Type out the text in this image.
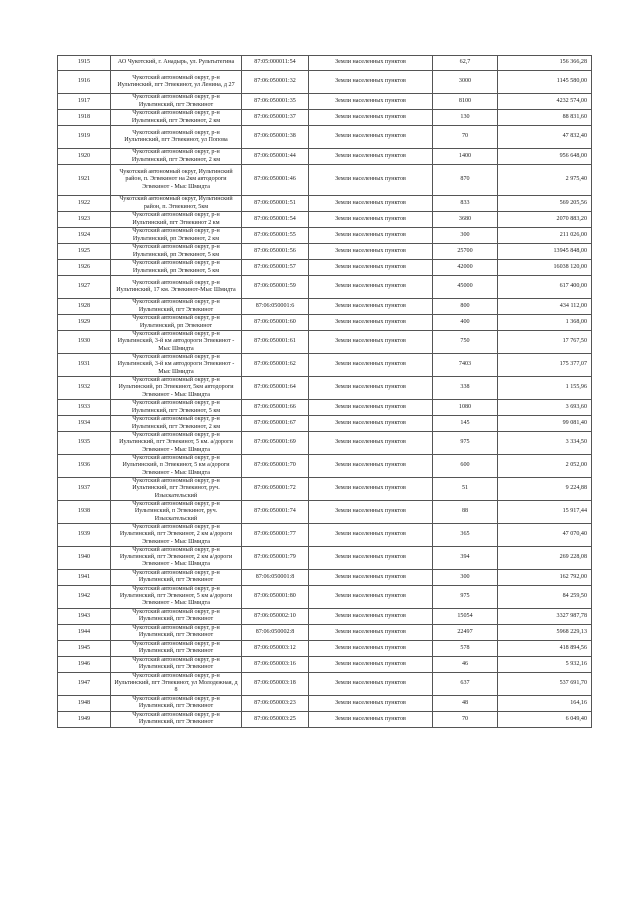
1915	АО Чукотский, г. Анадырь, ул. Рультытегина	87:05:000011:54	Земли населенных пунктов	62,7	156 366,28
1916	Чукотский автономный округ, р-н Иультинский, пгт Эгвекинот, ул Ленина, д 27	87:06:050001:32	Земли населенных пунктов	3000	1145 580,00
1917	Чукотский автономный округ, р-н Иультинский, пгт Эгвекинот	87:06:050001:35	Земли населенных пунктов	8100	4232 574,00
1918	Чукотский автономный округ, р-н Иультинский, пгт Эгвекинот, 2 км	87:06:050001:37	Земли населенных пунктов	130	88 831,60
1919	Чукотский автономный округ, р-н Иультинский, пгт Эгвекинот, ул Попова	87:06:050001:38	Земли населенных пунктов	70	47 832,40
1920	Чукотский автономный округ, р-н Иультинский, пгт Эгвекинот, 2 км	87:06:050001:44	Земли населенных пунктов	1400	956 648,00
1921	Чукотский автономный округ, Иультинский район, п. Эгвекинот на 2км автодороги Эгвекинот - Мыс Шмидта	87:06:050001:46	Земли населенных пунктов	870	2 975,40
1922	Чукотский автономный округ, Иультинский район, п. Эгвекинот, 5км	87:06:050001:51	Земли населенных пунктов	833	569 205,56
1923	Чукотский автономный округ, р-н Иультинский, пгт Эгвекинот 2 км	87:06:050001:54	Земли населенных пунктов	3680	2070 883,20
1924	Чукотский автономный округ, р-н Иультинский, рп Эгвекинот, 2 км	87:06:050001:55	Земли населенных пунктов	300	211 026,00
1925	Чукотский автономный округ, р-н Иультинский, рп Эгвекинот, 5 км	87:06:050001:56	Земли населенных пунктов	25700	13945 848,00
1926	Чукотский автономный округ, р-н Иультинский, рп Эгвекинот, 5 км	87:06:050001:57	Земли населенных пунктов	42000	16038 120,00
1927	Чукотский автономный округ, р-н Иультинский, 17 км. Эгвекинот-Мыс Шмидта	87:06:050001:59	Земли населенных пунктов	45000	617 400,00
1928	Чукотский автономный округ, р-н Иультинский, пгт Эгвекинот	87:06:050001:6	Земли населенных пунктов	800	434 112,00
1929	Чукотский автономный округ, р-н Иультинский, рп Эгвекинот	87:06:050001:60	Земли населенных пунктов	400	1 368,00
1930	Чукотский автономный округ, р-н Иультинский, 3-й км автодороги Эгвекинот - Мыс Шмидта	87:06:050001:61	Земли населенных пунктов	750	17 767,50
1931	Чукотский автономный округ, р-н Иультинский, 3-й км автодороги Эгвекинот - Мыс Шмидта	87:06:050001:62	Земли населенных пунктов	7403	175 377,07
1932	Чукотский автономный округ, р-н Иультинский, рп Эгвекинот, 5км автодороги Эгвекинот - Мыс Шмидта	87:06:050001:64	Земли населенных пунктов	338	1 155,96
1933	Чукотский автономный округ, р-н Иультинский, пгт Эгвекинот, 5 км	87:06:050001:66	Земли населенных пунктов	1080	3 693,60
1934	Чукотский автономный округ, р-н Иультинский, пгт Эгвекинот, 2 км	87:06:050001:67	Земли населенных пунктов	145	99 081,40
1935	Чукотский автономный округ, р-н Иультинский, пгт Эгвекинот, 5 км. а/дороги Эгвекинот - Мыс Шмидта	87:06:050001:69	Земли населенных пунктов	975	3 334,50
1936	Чукотский автономный округ, р-н Иультинский, п Эгвекинот, 5 км а/дороги Эгвекинот - Мыс Шмидта	87:06:050001:70	Земли населенных пунктов	600	2 052,00
1937	Чукотский автономный округ, р-н Иультинский, пгт Эгвекинот, руч. Изыскательский	87:06:050001:72	Земли населенных пунктов	51	9 224,88
1938	Чукотский автономный округ, р-н Иультинский, п Эгвекинот, руч. Изыскательский	87:06:050001:74	Земли населенных пунктов	88	15 917,44
1939	Чукотский автономный округ, р-н Иультинский, пгт Эгвекинот, 2 км а/дороги Эгвекинот - Мыс Шмидта	87:06:050001:77	Земли населенных пунктов	365	47 070,40
1940	Чукотский автономный округ, р-н Иультинский, пгт Эгвекинот, 2 км а/дороги Эгвекинот - Мыс Шмидта	87:06:050001:79	Земли населенных пунктов	394	269 228,08
1941	Чукотский автономный округ, р-н Иультинский, пгт Эгвекинот	87:06:050001:8	Земли населенных пунктов	300	162 792,00
1942	Чукотский автономный округ, р-н Иультинский, пгт Эгвекинот, 5 км а/дороги Эгвекинот - Мыс Шмидта	87:06:050001:80	Земли населенных пунктов	975	84 259,50
1943	Чукотский автономный округ, р-н Иультинский, пгт Эгвекинот	87:06:050002:10	Земли населенных пунктов	15054	3327 987,78
1944	Чукотский автономный округ, р-н Иультинский, пгт Эгвекинот	87:06:050002:8	Земли населенных пунктов	22497	5968 229,13
1945	Чукотский автономный округ, р-н Иультинский, пгт Эгвекинот	87:06:050003:12	Земли населенных пунктов	578	418 894,56
1946	Чукотский автономный округ, р-н Иультинский, пгт Эгвекинот	87:06:050003:16	Земли населенных пунктов	46	5 932,16
1947	Чукотский автономный округ, р-н Иультинский, пгт Эгвекинот, ул Молодежная, д 8	87:06:050003:18	Земли населенных пунктов	637	537 691,70
1948	Чукотский автономный округ, р-н Иультинский, пгт Эгвекинот	87:06:050003:23	Земли населенных пунктов	48	164,16
1949	Чукотский автономный округ, р-н Иультинский, пгт Эгвекинот	87:06:050003:25	Земли населенных пунктов	70	6 049,40
